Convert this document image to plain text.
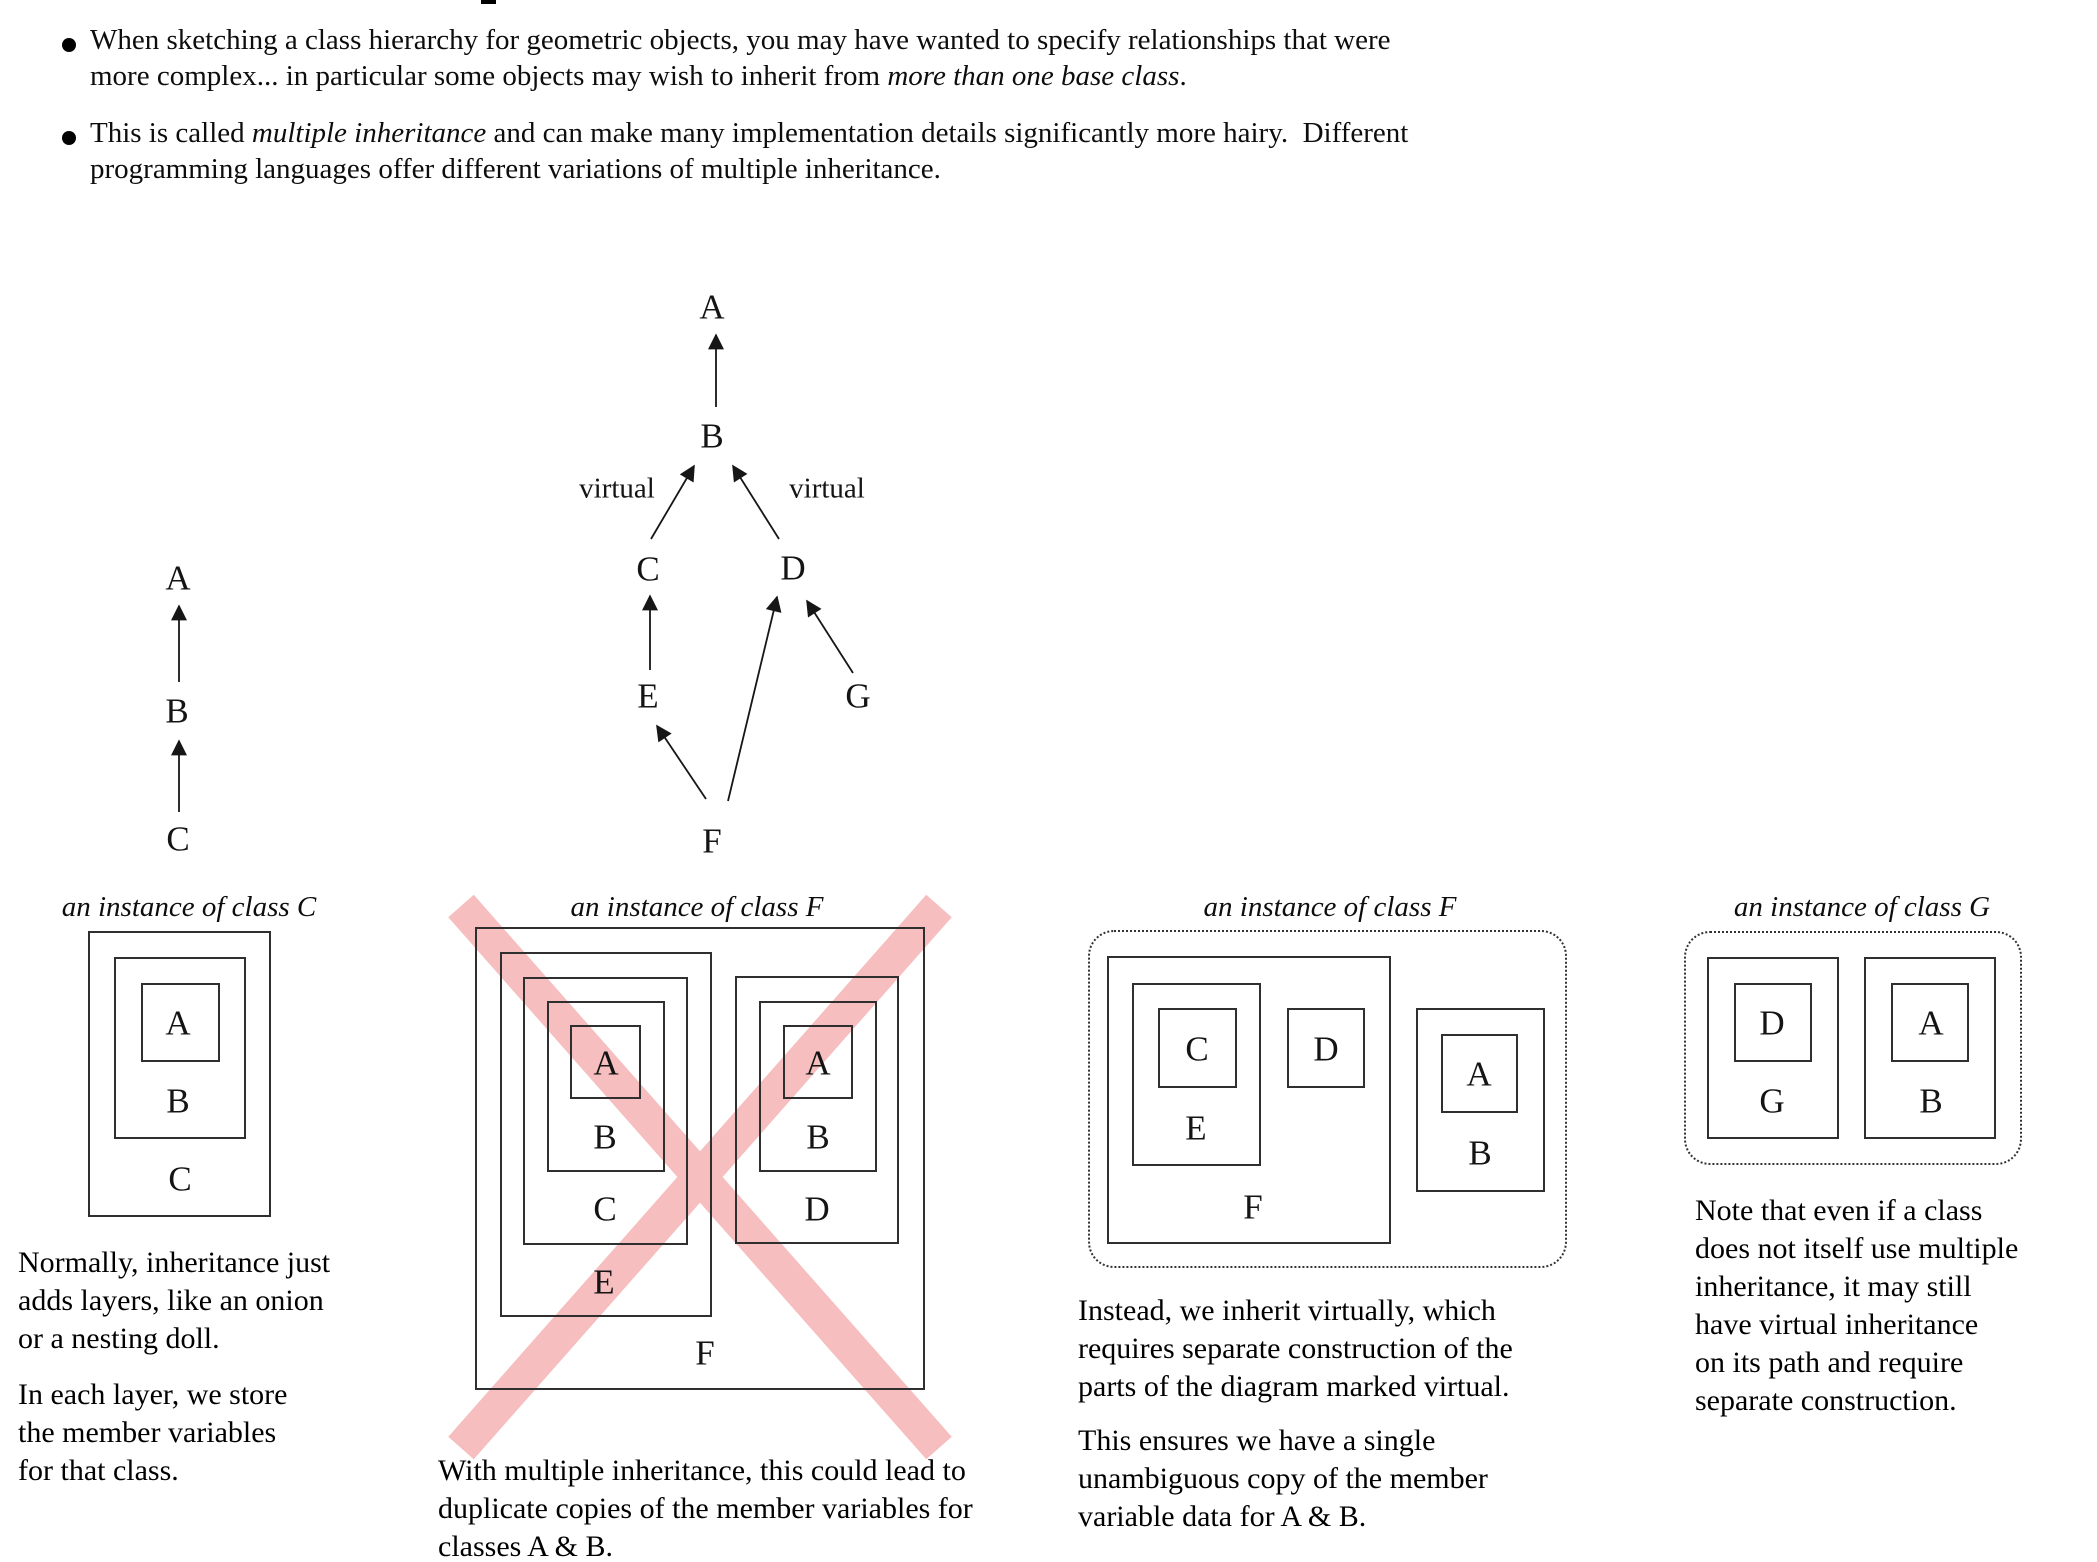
When sketching a class hierarchy for geometric objects, you may have wanted to specify relationships that were
more complex... in particular some objects may wish to inherit from more than one base class.
This is called multiple inheritance and can make many implementation details significantly more hairy.  Different
programming languages offer different variations of multiple inheritance.
A
B
C
A
B
C	D
E	G
F
virtual	virtual
an instance of class C
A
B
C
Normally, inheritance just
adds layers, like an onion
or a nesting doll.
In each layer, we store
the member variables
for that class.
an instance of class F
A
B
C
E
F
A
B
D
With multiple inheritance, this could lead to
duplicate copies of the member variables for
classes A & B.
an instance of class F
C	D
E
F
A
B
Instead, we inherit virtually, which
requires separate construction of the
parts of the diagram marked virtual.
This ensures we have a single
unambiguous copy of the member
variable data for A & B.
an instance of class G
D
G
A
B
Note that even if a class
does not itself use multiple
inheritance, it may still
have virtual inheritance
on its path and require
separate construction.
